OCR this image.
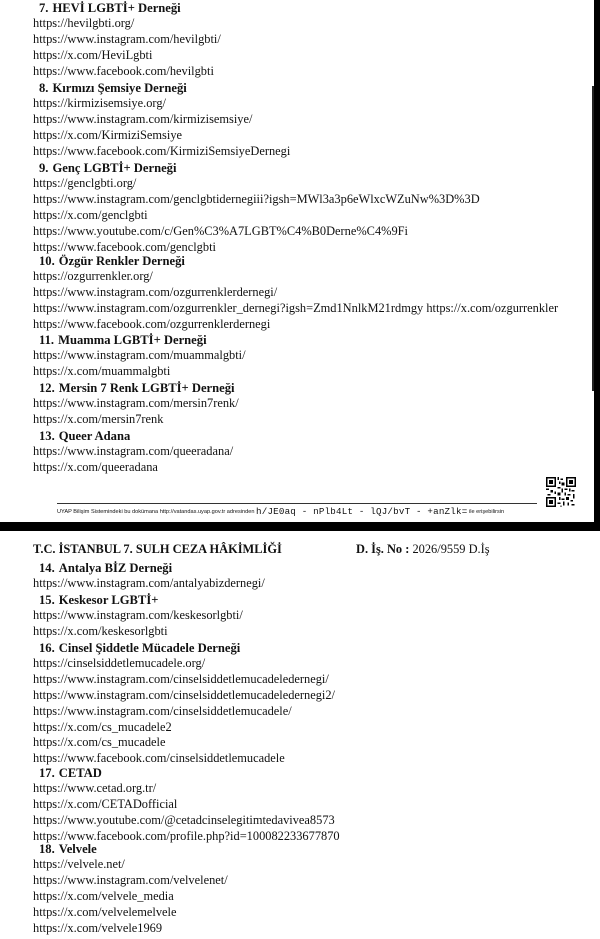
7. HEVİ LGBTİ+ Derneği
https://hevilgbti.org/
https://www.instagram.com/hevilgbti/
https://x.com/HeviLgbti
https://www.facebook.com/hevilgbti
8. Kırmızı Şemsiye Derneği
https://kirmizisemsiye.org/
https://www.instagram.com/kirmizisemsiye/
https://x.com/KirmiziSemsiye
https://www.facebook.com/KirmiziSemsiyeDernegi
9. Genç LGBTİ+ Derneği
https://genclgbti.org/
https://www.instagram.com/genclgbtidernegiii?igsh=MWl3a3p6eWlxcWZuNw%3D%3D
https://x.com/genclgbti
https://www.youtube.com/c/Gen%C3%A7LGBT%C4%B0Derne%C4%9Fi
https://www.facebook.com/genclgbti
10. Özgür Renkler Derneği
https://ozgurrenkler.org/
https://www.instagram.com/ozgurrenklerdernegi/
https://www.instagram.com/ozgurrenkler_dernegi?igsh=Zmd1NnlkM21rdmgy https://x.com/ozgurrenkler
https://www.facebook.com/ozgurrenklerdernegi
11. Muamma LGBTİ+ Derneği
https://www.instagram.com/muammalgbti/
https://x.com/muammalgbti
12. Mersin 7 Renk LGBTİ+ Derneği
https://www.instagram.com/mersin7renk/
https://x.com/mersin7renk
13. Queer Adana
https://www.instagram.com/queeradana/
https://x.com/queeradana
UYAP Bilişim Sistemindeki bu dokümana http://vatandas.uyap.gov.tr adresinden h/JE0aq - nPlb4Lt - lQJ/bvT - +anZlk= ile erişebilirsin
T.C. İSTANBUL 7. SULH CEZA HÂKİMLİĞİ	D. İş. No : 2026/9559 D.İş
14. Antalya BİZ Derneği
https://www.instagram.com/antalyabizdernegi/
15. Keskesor LGBTİ+
https://www.instagram.com/keskesorlgbti/
https://x.com/keskesorlgbti
16. Cinsel Şiddetle Mücadele Derneği
https://cinselsiddetlemucadele.org/
https://www.instagram.com/cinselsiddetlemucadeledernegi/
https://www.instagram.com/cinselsiddetlemucadeledernegi2/
https://www.instagram.com/cinselsiddetlemucadele/
https://x.com/cs_mucadele2
https://x.com/cs_mucadele
https://www.facebook.com/cinselsiddetlemucadele
17. CETAD
https://www.cetad.org.tr/
https://x.com/CETADofficial
https://www.youtube.com/@cetadcinselegitimtedavivea8573
https://www.facebook.com/profile.php?id=100082233677870
18. Velvele
https://velvele.net/
https://www.instagram.com/velvelenet/
https://x.com/velvele_media
https://x.com/velvelemelvele
https://x.com/velvele1969
